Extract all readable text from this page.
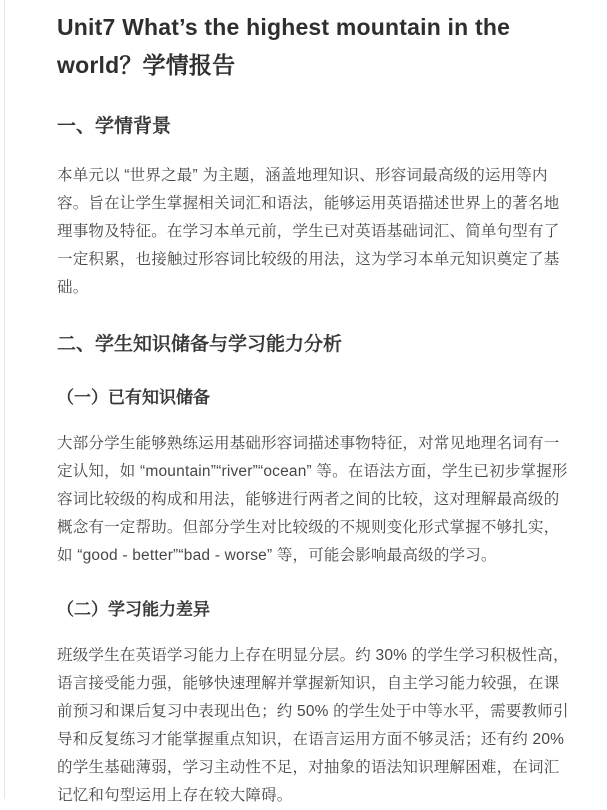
Unit7 What’s the highest mountain in the world？学情报告
一、学情背景

本单元以 “世界之最” 为主题，涵盖地理知识、形容词最高级的运用等内容。旨在让学生掌握相关词汇和语法，能够运用英语描述世界上的著名地理事物及特征。在学习本单元前，学生已对英语基础词汇、简单句型有了一定积累，也接触过形容词比较级的用法，这为学习本单元知识奠定了基础。

二、学生知识储备与学习能力分析
（一）已有知识储备

大部分学生能够熟练运用基础形容词描述事物特征，对常见地理名词有一定认知，如 “mountain”“river”“ocean” 等。在语法方面，学生已初步掌握形容词比较级的构成和用法，能够进行两者之间的比较，这对理解最高级的概念有一定帮助。但部分学生对比较级的不规则变化形式掌握不够扎实，如 “good - better”“bad - worse” 等，可能会影响最高级的学习。

（二）学习能力差异

班级学生在英语学习能力上存在明显分层。约 30% 的学生学习积极性高，语言接受能力强，能够快速理解并掌握新知识，自主学习能力较强，在课前预习和课后复习中表现出色；约 50% 的学生处于中等水平，需要教师引导和反复练习才能掌握重点知识，在语言运用方面不够灵活；还有约 20% 的学生基础薄弱，学习主动性不足，对抽象的语法知识理解困难，在词汇记忆和句型运用上存在较大障碍。
